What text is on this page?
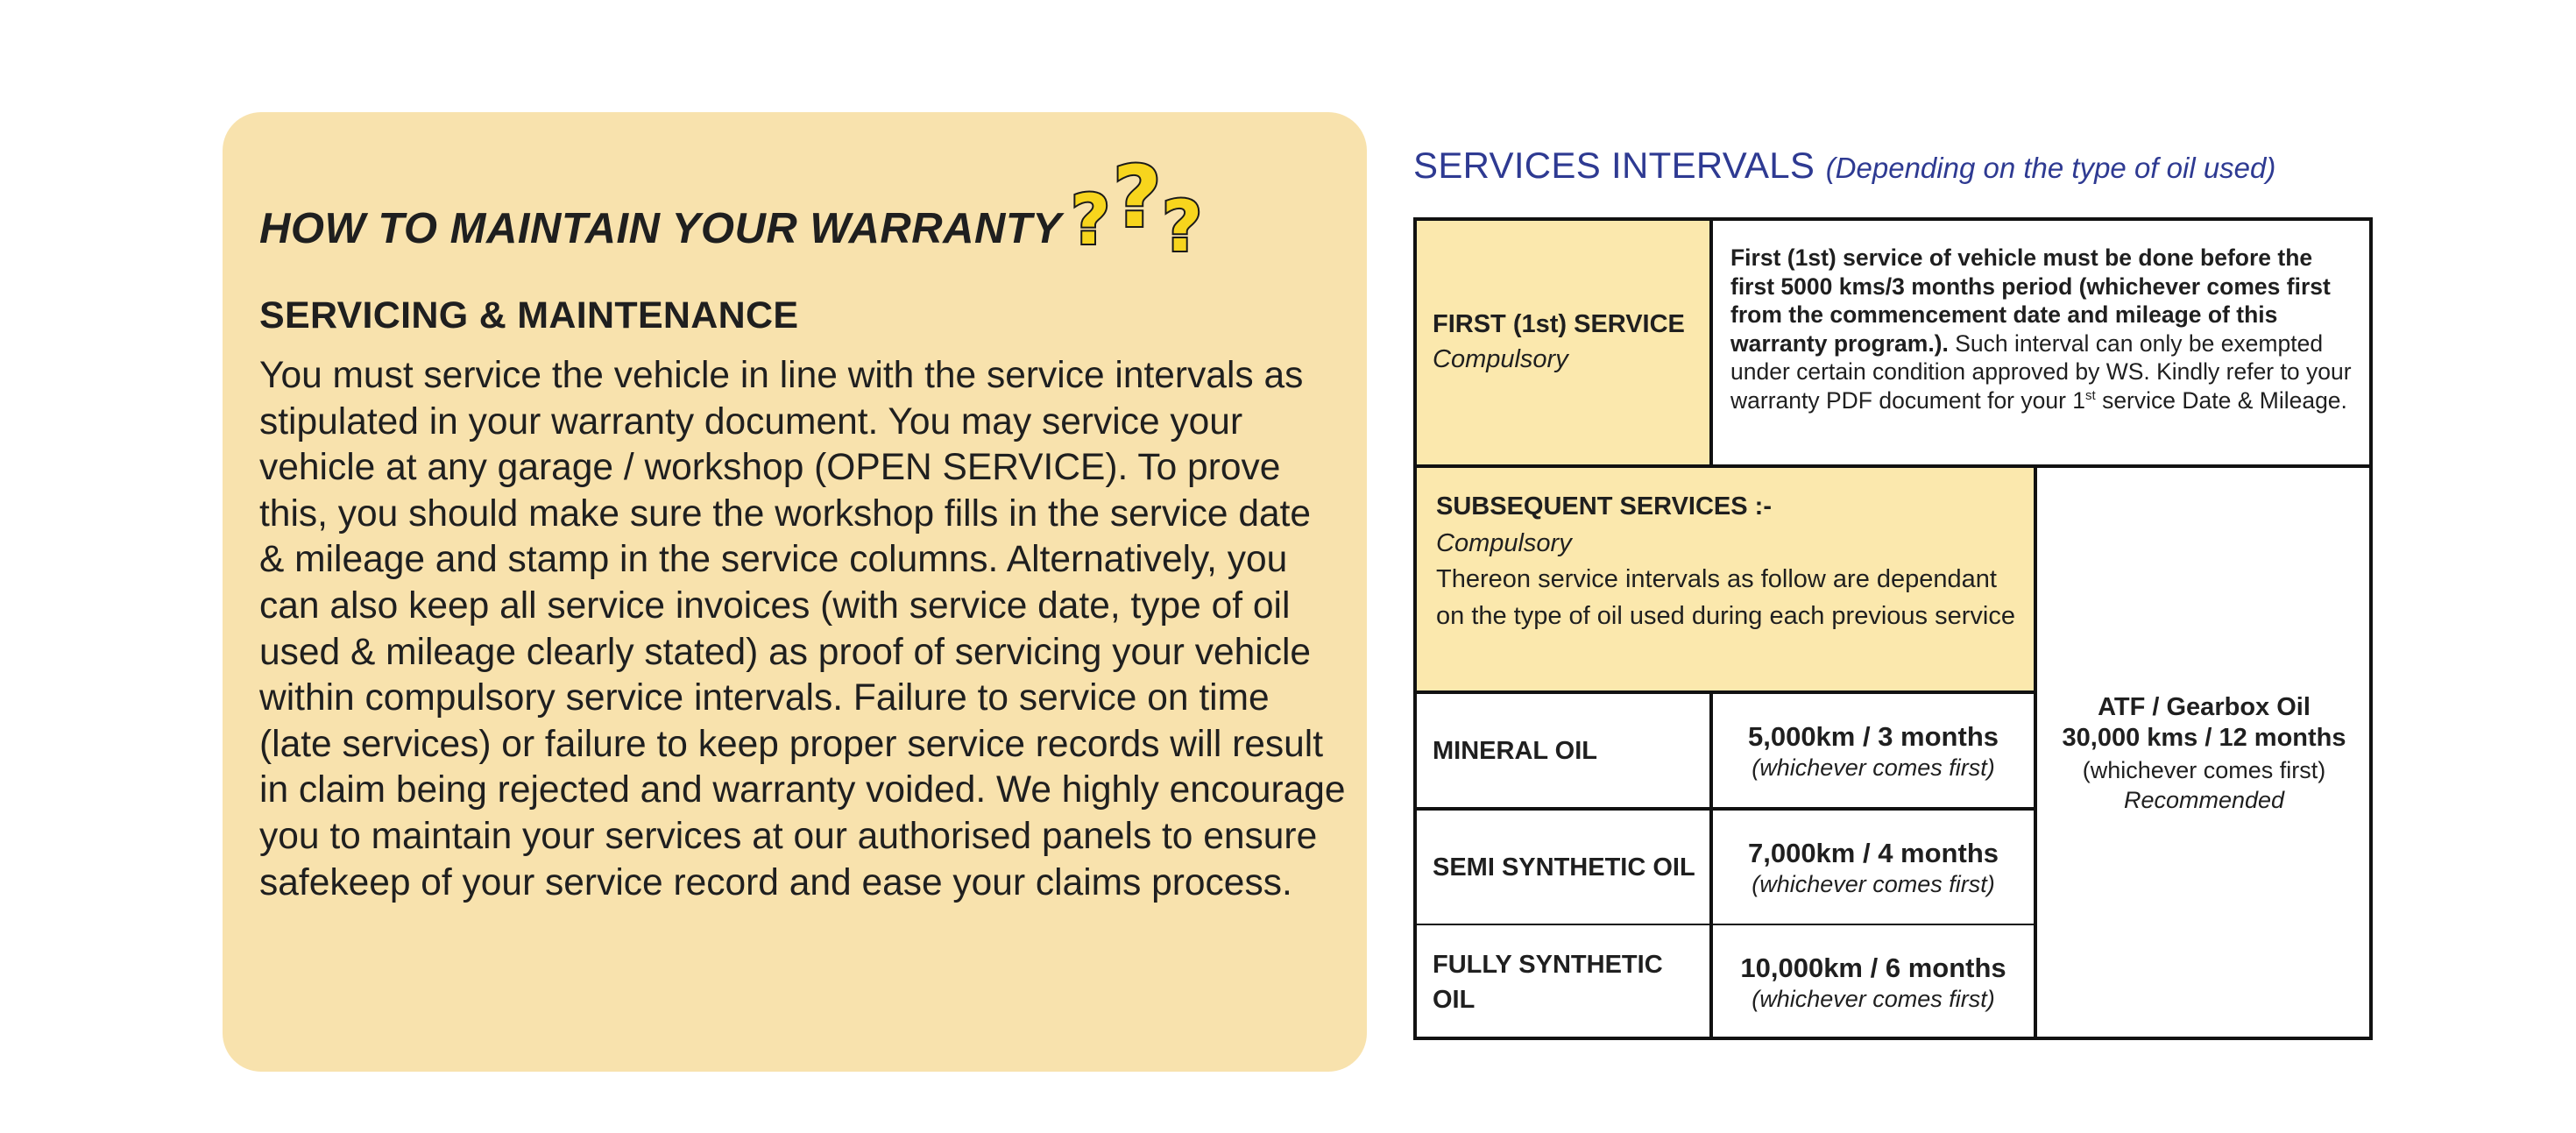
HOW TO MAINTAIN YOUR WARRANTY ? ? ?
SERVICING & MAINTENANCE

You must service the vehicle in line with the service intervals as stipulated in your warranty document. You may service your vehicle at any garage / workshop (OPEN SERVICE). To prove this, you should make sure the workshop fills in the service date & mileage and stamp in the service columns. Alternatively, you can also keep all service invoices (with service date, type of oil used & mileage clearly stated) as proof of servicing your vehicle within compulsory service intervals. Failure to service on time (late services) or failure to keep proper service records will result in claim being rejected and warranty voided. We highly encourage you to maintain your services at our authorised panels to ensure safekeep of your service record and ease your claims process.

SERVICES INTERVALS (Depending on the type of oil used)
FIRST (1st) SERVICE
Compulsory
First (1st) service of vehicle must be done before the first 5000 kms/3 months period (whichever comes first from the commencement date and mileage of this warranty program.). Such interval can only be exempted under certain condition approved by WS. Kindly refer to your warranty PDF document for your 1st service Date & Mileage.
SUBSEQUENT SERVICES :-
Compulsory
Thereon service intervals as follow are dependant on the type of oil used during each previous service
ATF / Gearbox Oil
30,000 kms / 12 months
(whichever comes first)
Recommended
MINERAL OIL	5,000km / 3 months
(whichever comes first)
SEMI SYNTHETIC OIL 7,000km / 4 months
(whichever comes first)
FULLY SYNTHETIC OIL
10,000km / 6 months
(whichever comes first)
